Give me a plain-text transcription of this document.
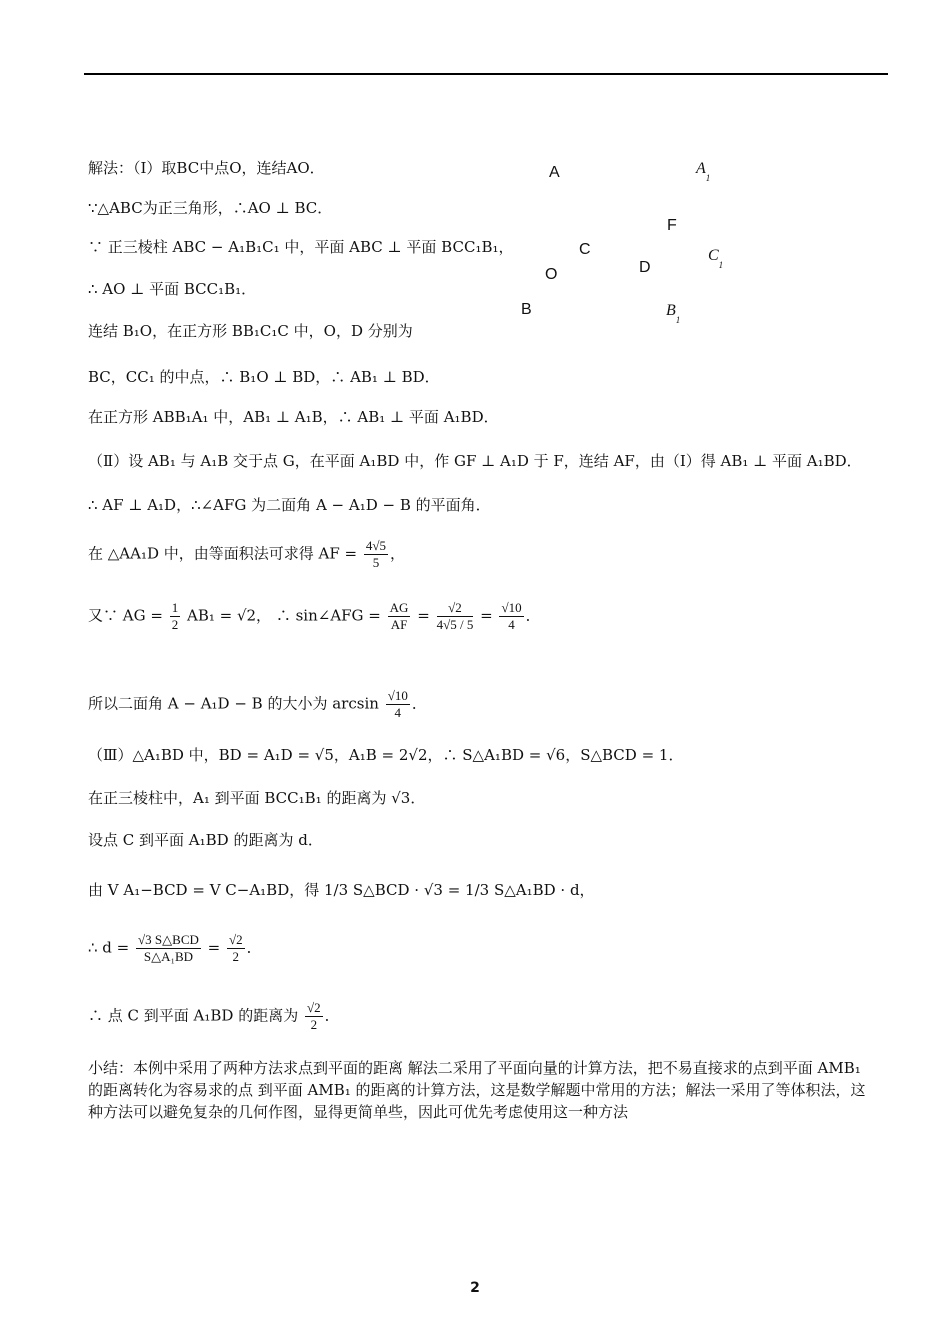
A	$A_1$
F
C	$C_1$
D
O
B	$B_1$
解法：（Ⅰ）取BC中点O，连结AO．
∵△ABC为正三角形，∴AO ⊥ BC．
∵ 正三棱柱 ABC − A₁B₁C₁ 中，平面 ABC ⊥ 平面 BCC₁B₁，
∴ AO ⊥ 平面 BCC₁B₁．
连结 B₁O，在正方形 BB₁C₁C 中，O，D 分别为
BC，CC₁ 的中点，∴ B₁O ⊥ BD，∴ AB₁ ⊥ BD．
在正方形 ABB₁A₁ 中，AB₁ ⊥ A₁B，∴ AB₁ ⊥ 平面 A₁BD．
（Ⅱ）设 AB₁ 与 A₁B 交于点 G，在平面 A₁BD 中，作 GF ⊥ A₁D 于 F，连结 AF，由（Ⅰ）得 AB₁ ⊥ 平面 A₁BD．
∴ AF ⊥ A₁D，∴∠AFG 为二面角 A − A₁D − B 的平面角．
在 △AA₁D 中，由等面积法可求得 AF = $\frac{4√5}{5}$ ，
又∵ AG = $\frac{1}{2} AB_1 = √2$， ∴ sin∠AFG = $\frac{AG}{AF} = \frac{√2}{4√5 / 5} = \frac{√10}{4}$ ．
所以二面角 A − A₁D − B 的大小为 $\arcsin \frac{√10}{4}$ ．
（Ⅲ）△A₁BD 中，BD = A₁D = √5，A₁B = 2√2，∴ S△A₁BD = √6，S△BCD = 1．
在正三棱柱中，A₁ 到平面 BCC₁B₁ 的距离为 √3．
设点 C 到平面 A₁BD 的距离为 d．
由 V A₁−BCD = V C−A₁BD，得 1/3 S△BCD · √3 = 1/3 S△A₁BD · d，
∴ $d = \frac{\text{√3 S△BCD}}{\text{S△A₁BD}} = \frac{√2}{2}$ ．
∴ 点 C 到平面 A₁BD 的距离为 $\frac{√2}{2}$ ．
小结：本例中采用了两种方法求点到平面的距离 解法二采用了平面向量的计算方法，把不易直接求的点到平面 AMB₁ 的距离转化为容易求的点 到平面 AMB₁ 的距离的计算方法，这是数学解题中常用的方法；解法一采用了等体积法，这种方法可以避免复杂的几何作图，显得更简单些，因此可优先考虑使用这一种方法
2
